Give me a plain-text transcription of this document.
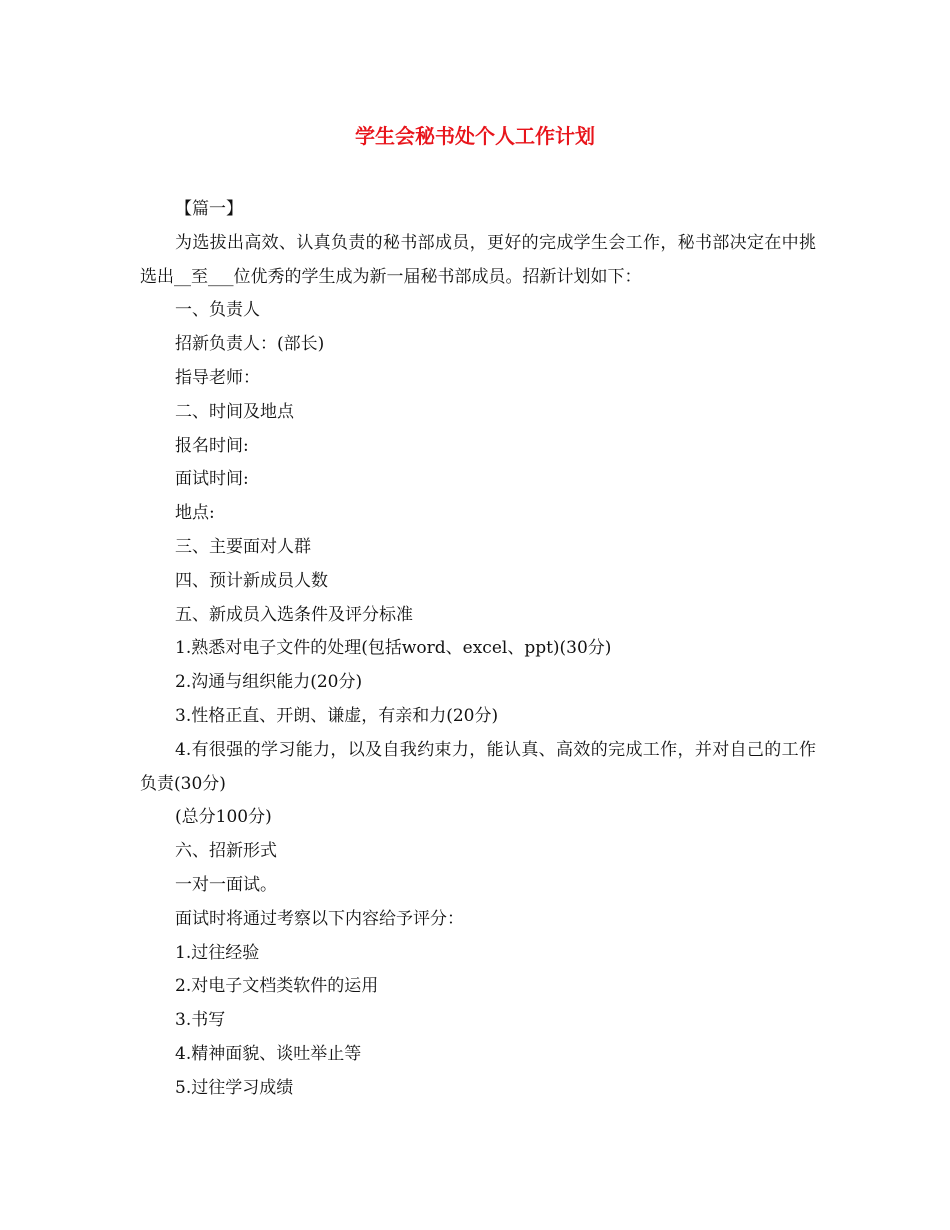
学生会秘书处个人工作计划

【篇一】

为选拔出高效、认真负责的秘书部成员，更好的完成学生会工作，秘书部决定在中挑选出__至___位优秀的学生成为新一届秘书部成员。招新计划如下：

一、负责人

招新负责人：(部长)

指导老师：

二、时间及地点

报名时间:

面试时间:

地点:

三、主要面对人群

四、预计新成员人数

五、新成员入选条件及评分标准

1.熟悉对电子文件的处理(包括word、excel、ppt)(30分)

2.沟通与组织能力(20分)

3.性格正直、开朗、谦虚，有亲和力(20分)

4.有很强的学习能力，以及自我约束力，能认真、高效的完成工作，并对自己的工作负责(30分)

(总分100分)

六、招新形式

一对一面试。

面试时将通过考察以下内容给予评分：

1.过往经验

2.对电子文档类软件的运用

3.书写

4.精神面貌、谈吐举止等

5.过往学习成绩
